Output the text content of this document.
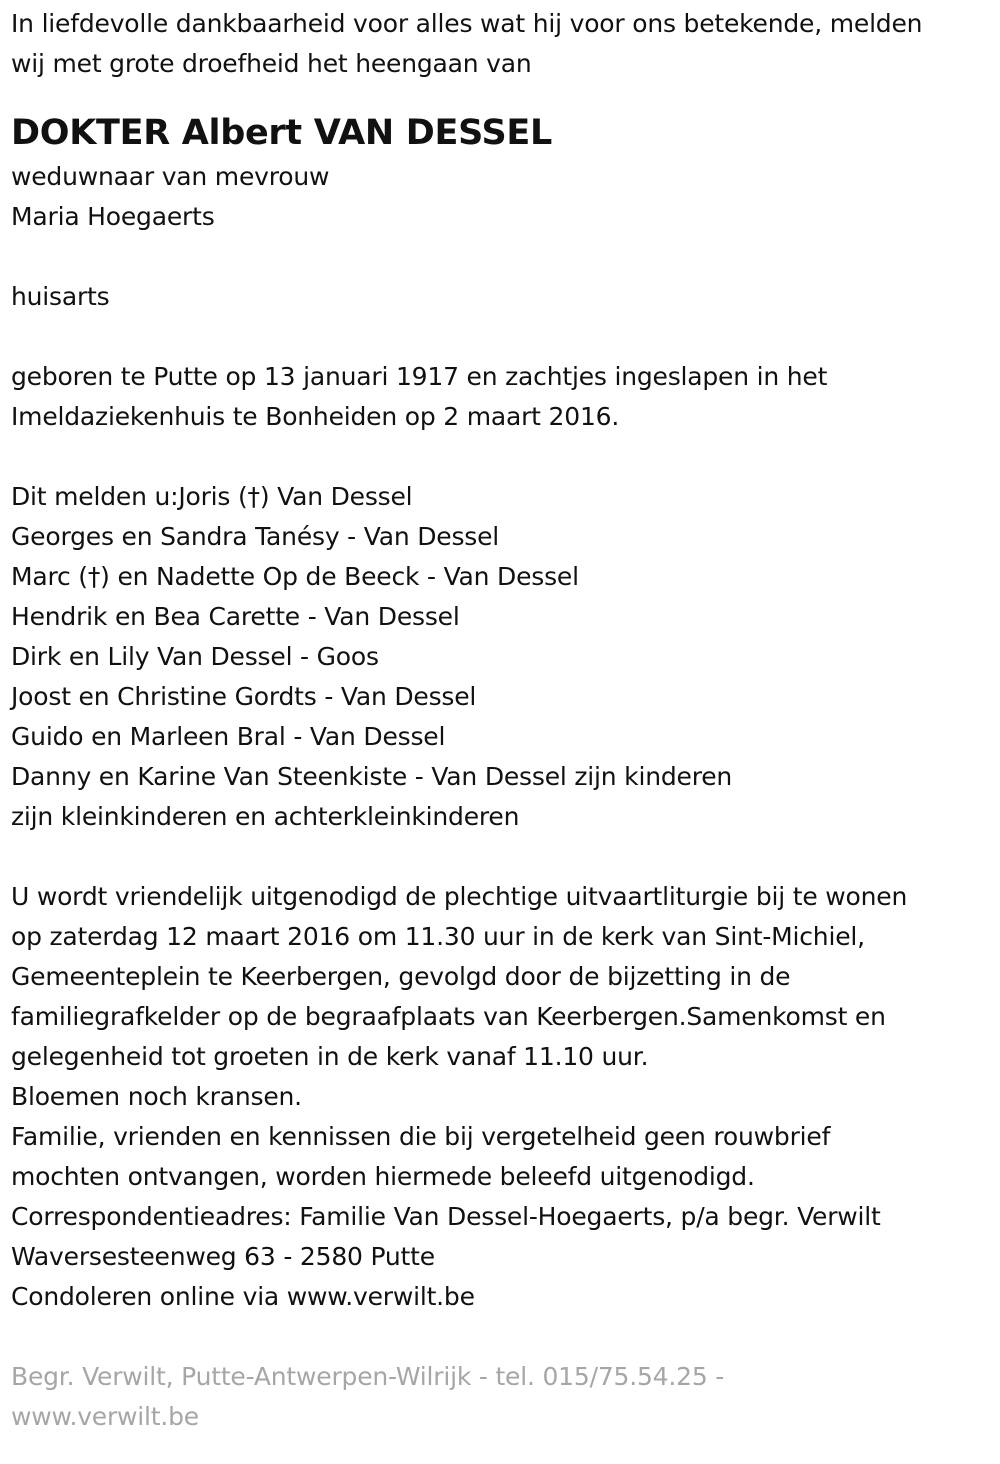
In liefdevolle dankbaarheid voor alles wat hij voor ons betekende, melden
wij met grote droefheid het heengaan van
DOKTER Albert VAN DESSEL
weduwnaar van mevrouw
Maria Hoegaerts
huisarts
geboren te Putte op 13 januari 1917 en zachtjes ingeslapen in het
Imeldaziekenhuis te Bonheiden op 2 maart 2016.
Dit melden u:Joris (†) Van Dessel
Georges en Sandra Tanésy - Van Dessel
Marc (†) en Nadette Op de Beeck - Van Dessel
Hendrik en Bea Carette - Van Dessel
Dirk en Lily Van Dessel - Goos
Joost en Christine Gordts - Van Dessel
Guido en Marleen Bral - Van Dessel
Danny en Karine Van Steenkiste - Van Dessel zijn kinderen
zijn kleinkinderen en achterkleinkinderen
U wordt vriendelijk uitgenodigd de plechtige uitvaartliturgie bij te wonen
op zaterdag 12 maart 2016 om 11.30 uur in de kerk van Sint-Michiel,
Gemeenteplein te Keerbergen, gevolgd door de bijzetting in de
familiegrafkelder op de begraafplaats van Keerbergen.Samenkomst en
gelegenheid tot groeten in de kerk vanaf 11.10 uur.
Bloemen noch kransen.
Familie, vrienden en kennissen die bij vergetelheid geen rouwbrief
mochten ontvangen, worden hiermede beleefd uitgenodigd.
Correspondentieadres: Familie Van Dessel-Hoegaerts, p/a begr. Verwilt
Waversesteenweg 63 - 2580 Putte
Condoleren online via www.verwilt.be
Begr. Verwilt, Putte-Antwerpen-Wilrijk - tel. 015/75.54.25 -
www.verwilt.be
